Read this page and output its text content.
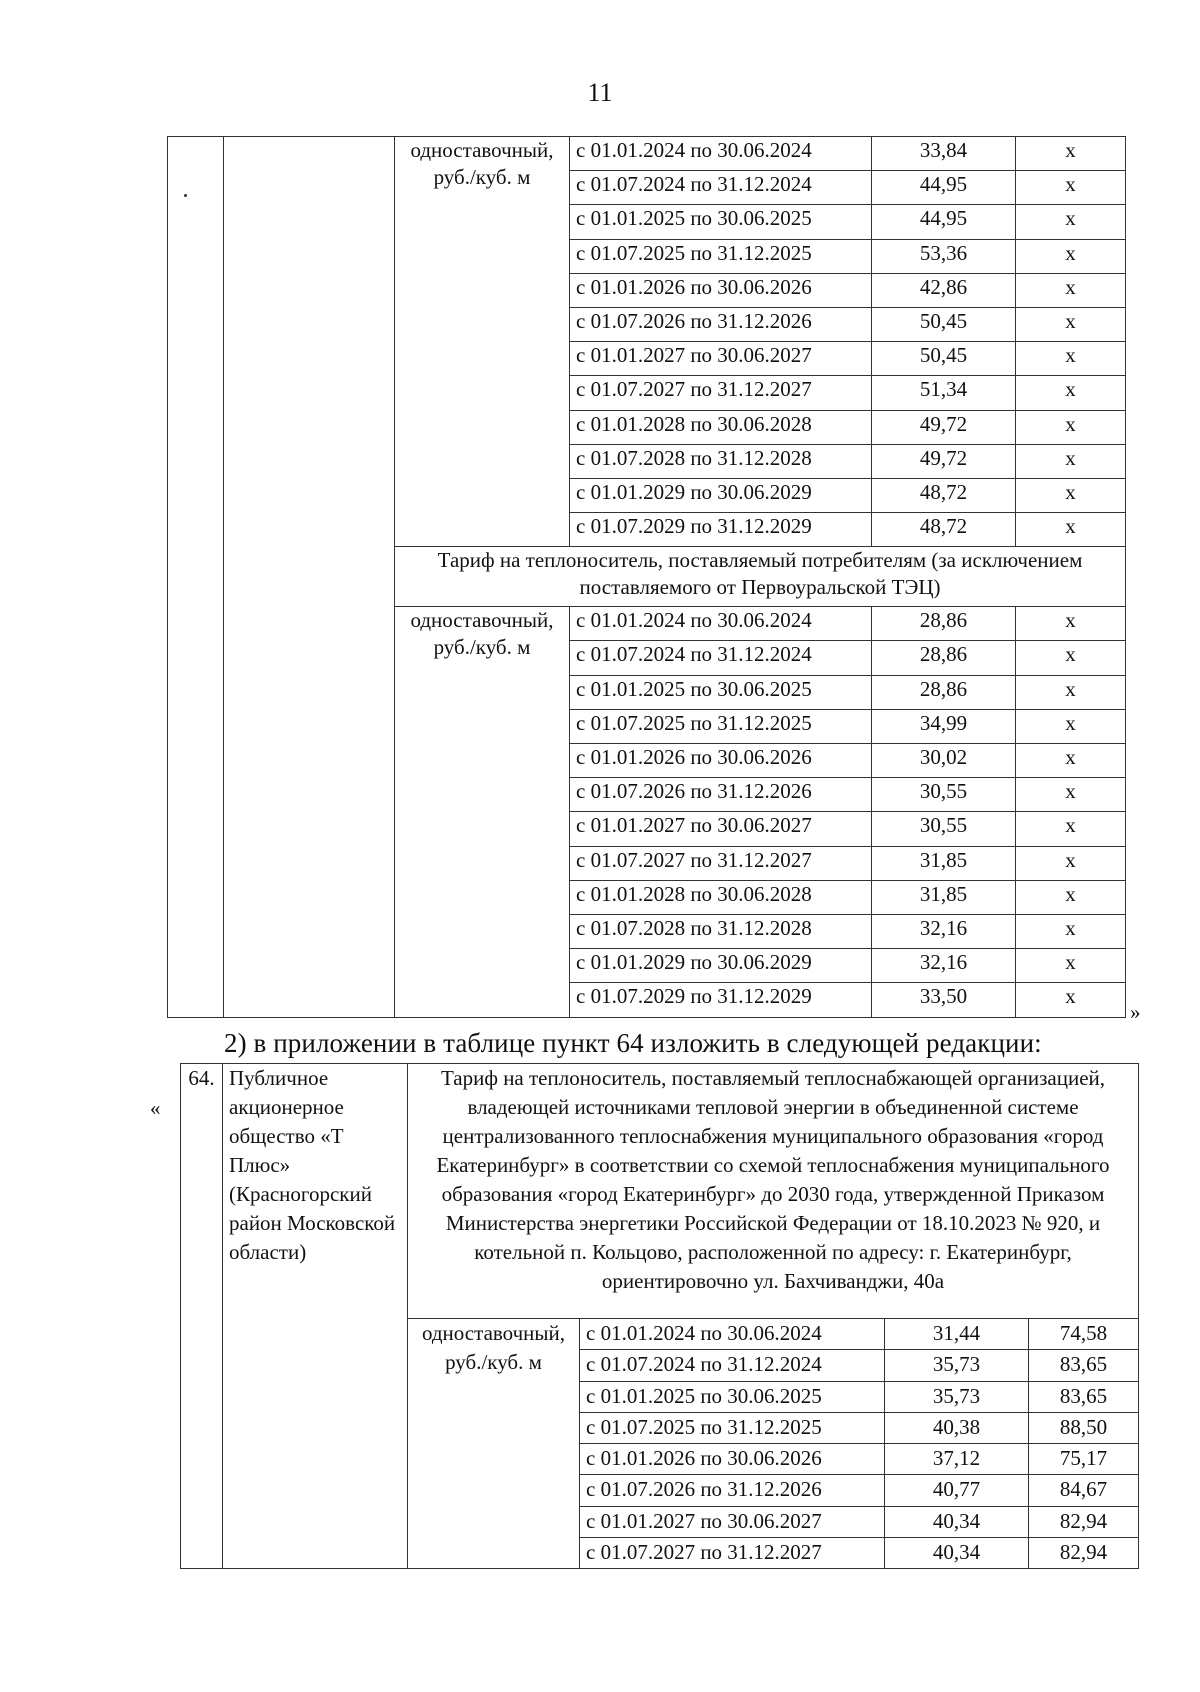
11
		одноставочный, руб./куб. м	с 01.01.2024 по 30.06.2024	33,84	х
			с 01.07.2024 по 31.12.2024	44,95	х
			с 01.01.2025 по 30.06.2025	44,95	х
			с 01.07.2025 по 31.12.2025	53,36	х
			с 01.01.2026 по 30.06.2026	42,86	х
			с 01.07.2026 по 31.12.2026	50,45	х
			с 01.01.2027 по 30.06.2027	50,45	х
			с 01.07.2027 по 31.12.2027	51,34	х
			с 01.01.2028 по 30.06.2028	49,72	х
			с 01.07.2028 по 31.12.2028	49,72	х
			с 01.01.2029 по 30.06.2029	48,72	х
			с 01.07.2029 по 31.12.2029	48,72	х
		Тариф на теплоноситель, поставляемый потребителям (за исключением поставляемого от Первоуральской ТЭЦ)			
		одноставочный, руб./куб. м	с 01.01.2024 по 30.06.2024	28,86	х
			с 01.07.2024 по 31.12.2024	28,86	х
			с 01.01.2025 по 30.06.2025	28,86	х
			с 01.07.2025 по 31.12.2025	34,99	х
			с 01.01.2026 по 30.06.2026	30,02	х
			с 01.07.2026 по 31.12.2026	30,55	х
			с 01.01.2027 по 30.06.2027	30,55	х
			с 01.07.2027 по 31.12.2027	31,85	х
			с 01.01.2028 по 30.06.2028	31,85	х
			с 01.07.2028 по 31.12.2028	32,16	х
			с 01.01.2029 по 30.06.2029	32,16	х
			с 01.07.2029 по 31.12.2029	33,50	х
»
2) в приложении в таблице пункт 64 изложить в следующей редакции:
«
64.	Публичное акционерное общество «Т Плюс» (Красногорский район Московской области)	Тариф на теплоноситель, поставляемый теплоснабжающей организацией, владеющей источниками тепловой энергии в объединенной системе централизованного теплоснабжения муниципального образования «город Екатеринбург» в соответствии со схемой теплоснабжения муниципального образования «город Екатеринбург» до 2030 года, утвержденной Приказом Министерства энергетики Российской Федерации от 18.10.2023 № 920, и котельной п. Кольцово, расположенной по адресу: г. Екатеринбург, ориентировочно ул. Бахчиванджи, 40а			
		одноставочный, руб./куб. м	с 01.01.2024 по 30.06.2024	31,44	74,58
			с 01.07.2024 по 31.12.2024	35,73	83,65
			с 01.01.2025 по 30.06.2025	35,73	83,65
			с 01.07.2025 по 31.12.2025	40,38	88,50
			с 01.01.2026 по 30.06.2026	37,12	75,17
			с 01.07.2026 по 31.12.2026	40,77	84,67
			с 01.01.2027 по 30.06.2027	40,34	82,94
			с 01.07.2027 по 31.12.2027	40,34	82,94
